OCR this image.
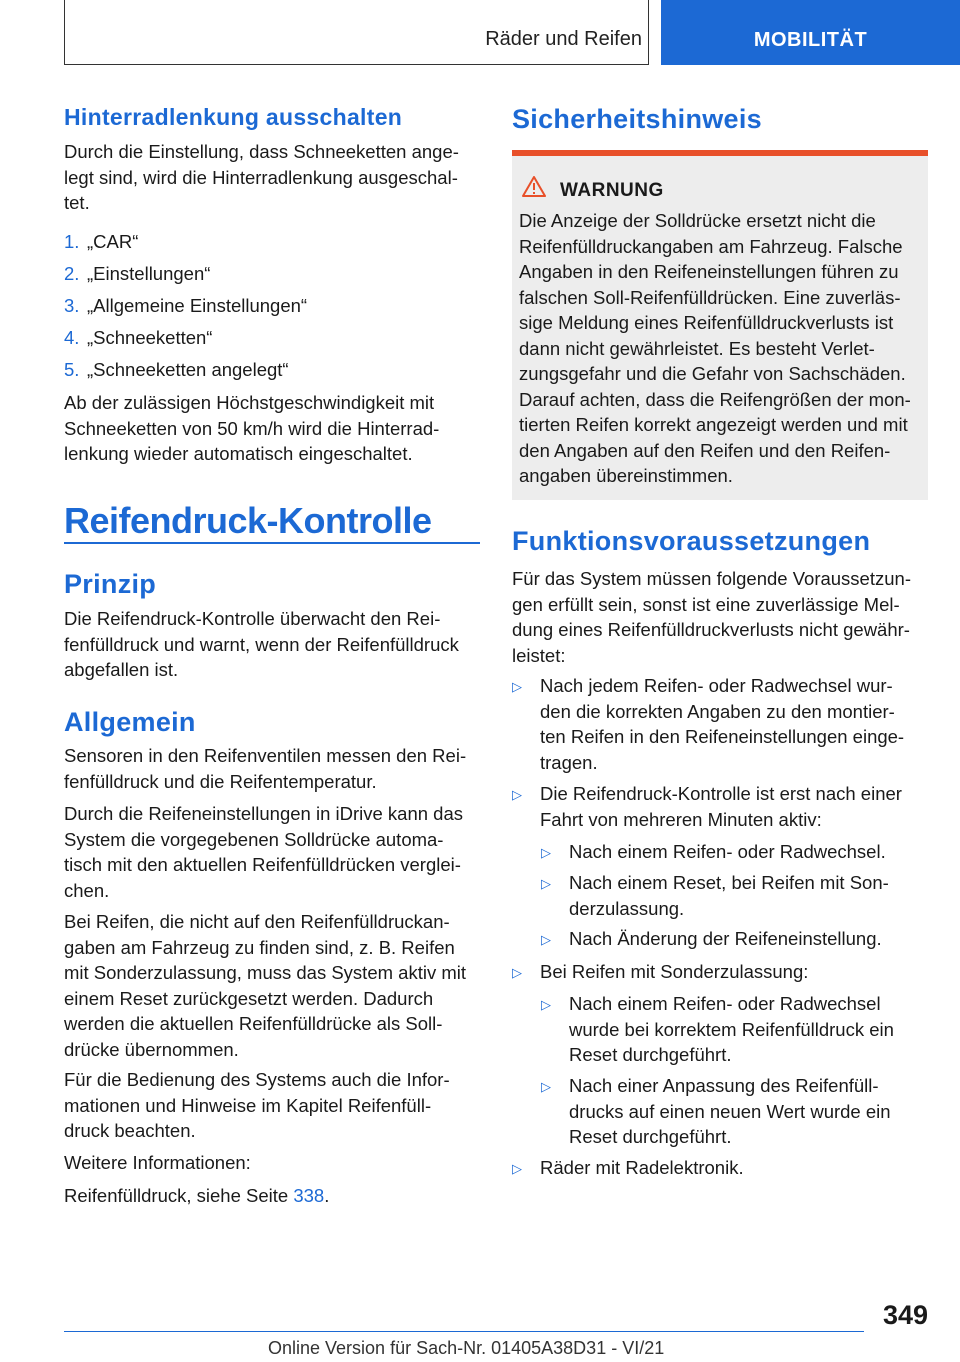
Räder und Reifen	MOBILITÄT
Hinterradlenkung ausschalten
Durch die Einstellung, dass Schneeketten ange-
legt sind, wird die Hinterradlenkung ausgeschal-
tet.
1. „CAR“
2. „Einstellungen“
3. „Allgemeine Einstellungen“
4. „Schneeketten“
5. „Schneeketten angelegt“
Ab der zulässigen Höchstgeschwindigkeit mit
Schneeketten von 50 km/h wird die Hinterrad-
lenkung wieder automatisch eingeschaltet.
Reifendruck-Kontrolle
Prinzip
Die Reifendruck-Kontrolle überwacht den Rei-
fenfülldruck und warnt, wenn der Reifenfülldruck
abgefallen ist.
Allgemein
Sensoren in den Reifenventilen messen den Rei-
fenfülldruck und die Reifentemperatur.
Durch die Reifeneinstellungen in iDrive kann das
System die vorgegebenen Solldrücke automa-
tisch mit den aktuellen Reifenfülldrücken verglei-
chen.
Bei Reifen, die nicht auf den Reifenfülldruckan-
gaben am Fahrzeug zu finden sind, z. B. Reifen
mit Sonderzulassung, muss das System aktiv mit
einem Reset zurückgesetzt werden. Dadurch
werden die aktuellen Reifenfülldrücke als Soll-
drücke übernommen.
Für die Bedienung des Systems auch die Infor-
mationen und Hinweise im Kapitel Reifenfüll-
druck beachten.
Weitere Informationen:
Reifenfülldruck, siehe Seite 338.
Sicherheitshinweis
WARNUNG
Die Anzeige der Solldrücke ersetzt nicht die
Reifenfülldruckangaben am Fahrzeug. Falsche
Angaben in den Reifeneinstellungen führen zu
falschen Soll-Reifenfülldrücken. Eine zuverläs-
sige Meldung eines Reifenfülldruckverlusts ist
dann nicht gewährleistet. Es besteht Verlet-
zungsgefahr und die Gefahr von Sachschäden.
Darauf achten, dass die Reifengrößen der mon-
tierten Reifen korrekt angezeigt werden und mit
den Angaben auf den Reifen und den Reifen-
angaben übereinstimmen.
Funktionsvoraussetzungen
Für das System müssen folgende Voraussetzun-
gen erfüllt sein, sonst ist eine zuverlässige Mel-
dung eines Reifenfülldruckverlusts nicht gewähr-
leistet:
▷ Nach jedem Reifen- oder Radwechsel wur-
den die korrekten Angaben zu den montier-
ten Reifen in den Reifeneinstellungen einge-
tragen.
▷ Die Reifendruck-Kontrolle ist erst nach einer
Fahrt von mehreren Minuten aktiv:
▷ Nach einem Reifen- oder Radwechsel.
▷ Nach einem Reset, bei Reifen mit Son-
derzulassung.
▷ Nach Änderung der Reifeneinstellung.
▷ Bei Reifen mit Sonderzulassung:
▷ Nach einem Reifen- oder Radwechsel
wurde bei korrektem Reifenfülldruck ein
Reset durchgeführt.
▷ Nach einer Anpassung des Reifenfüll-
drucks auf einen neuen Wert wurde ein
Reset durchgeführt.
▷ Räder mit Radelektronik.
349
Online Version für Sach-Nr. 01405A38D31 - VI/21
